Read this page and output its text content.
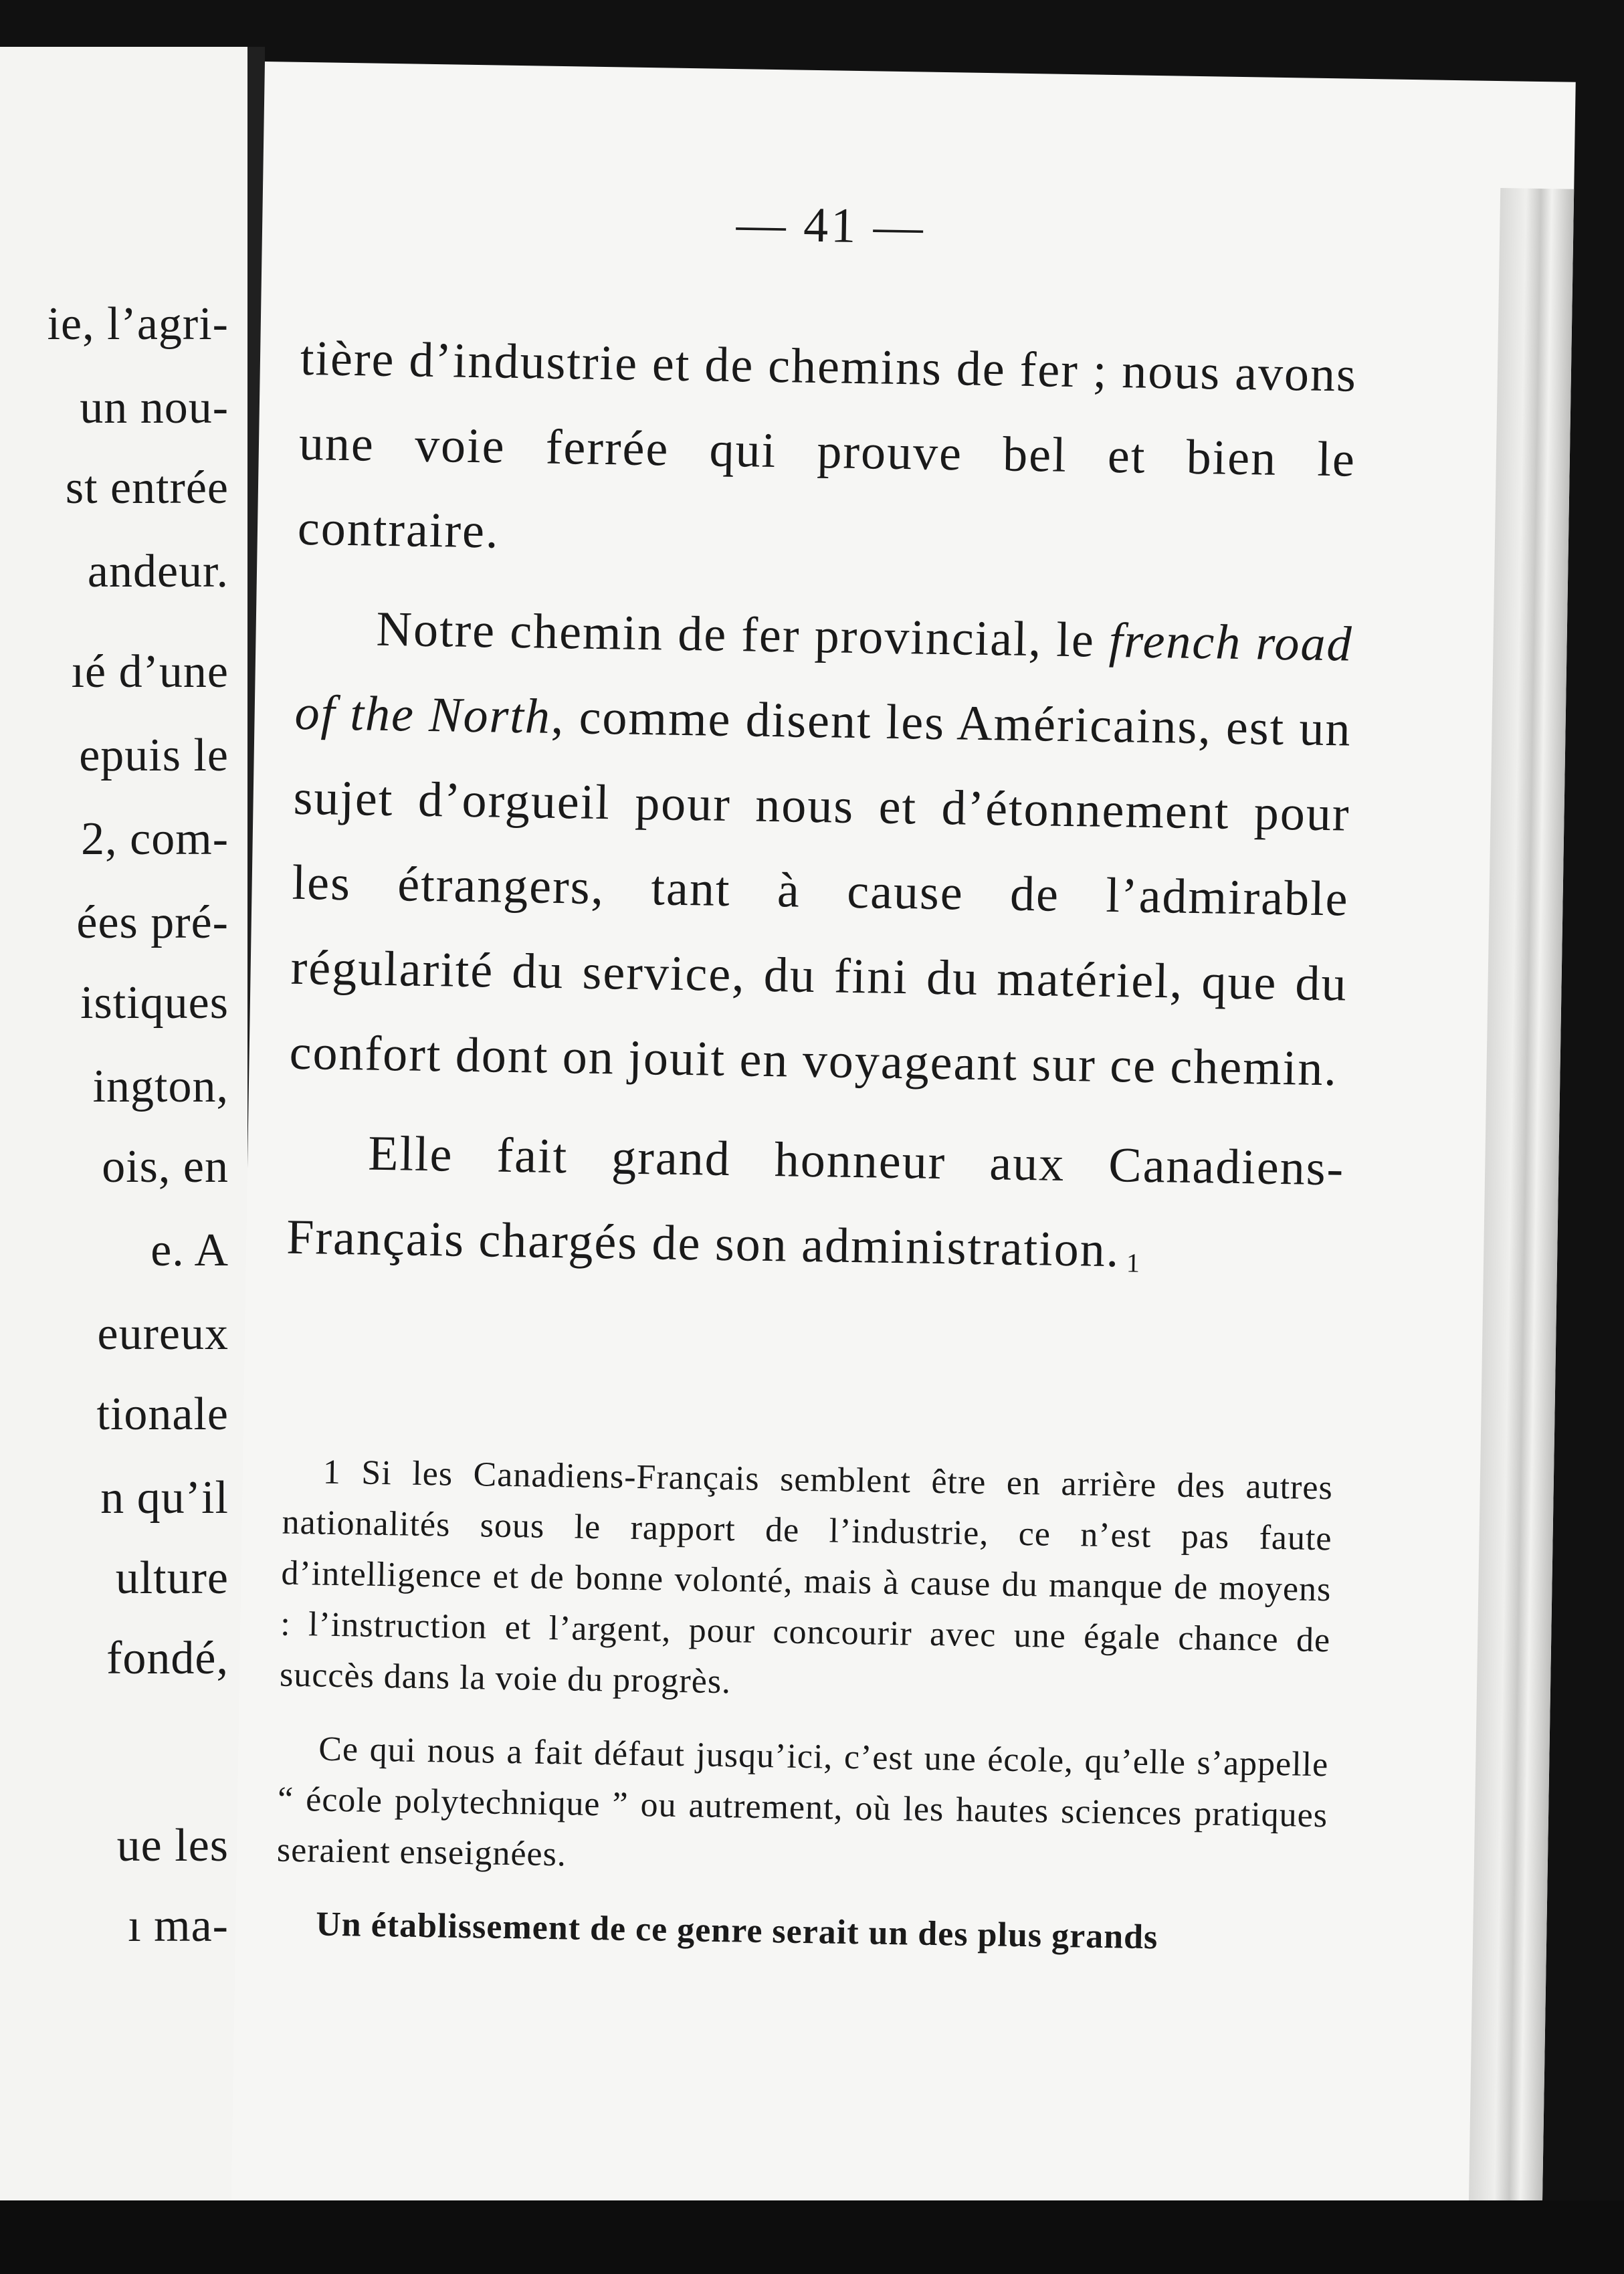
ie, l’agri-
un nou-
st entrée
andeur.
ıé d’une
epuis le
2, com-
ées pré-
istiques
ington,
ois, en
e. A
eureux
tionale
n qu’il
ulture
fondé,
ue les
ı ma-
— 41 —

tière d’industrie et de chemins de fer ; nous avons une voie ferrée qui prouve bel et bien le contraire.

Notre chemin de fer provincial, le french road of the North, comme disent les Américains, est un sujet d’orgueil pour nous et d’étonnement pour les étrangers, tant à cause de l’admirable régularité du service, du fini du matériel, que du confort dont on jouit en voyageant sur ce chemin.

Elle fait grand honneur aux Canadiens-Français chargés de son administration. $_1$

1 Si les Canadiens-Français semblent être en arrière des autres nationalités sous le rapport de l’industrie, ce n’est pas faute d’intelligence et de bonne volonté, mais à cause du manque de moyens : l’instruction et l’argent, pour concourir avec une égale chance de succès dans la voie du progrès.

Ce qui nous a fait défaut jusqu’ici, c’est une école, qu’elle s’appelle “ école polytechnique ” ou autrement, où les hautes sciences pratiques seraient enseignées.

Un établissement de ce genre serait un des plus grands
